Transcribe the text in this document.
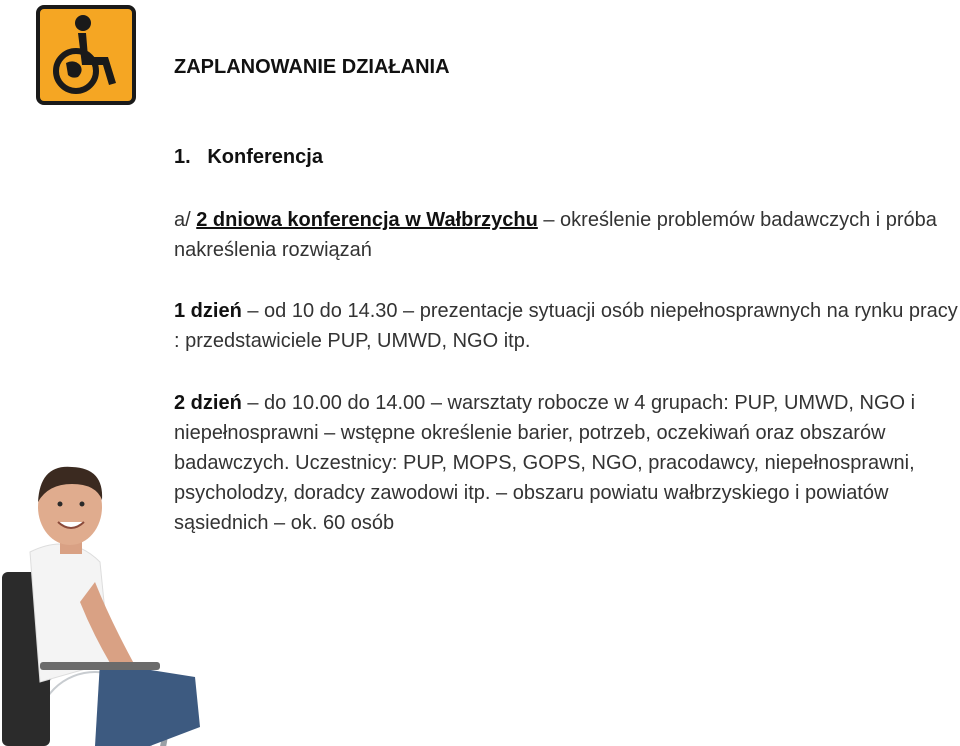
ZAPLANOWANIE DZIAŁANIA
1. Konferencja
a/ 2 dniowa konferencja w Wałbrzychu – określenie problemów badawczych i próba nakreślenia rozwiązań
1 dzień – od 10 do 14.30 – prezentacje sytuacji osób niepełnosprawnych na rynku pracy : przedstawiciele PUP, UMWD, NGO itp.
2 dzień – do 10.00 do 14.00 – warsztaty robocze w 4 grupach: PUP, UMWD, NGO i niepełnosprawni – wstępne określenie barier, potrzeb, oczekiwań oraz obszarów badawczych. Uczestnicy: PUP, MOPS, GOPS, NGO, pracodawcy, niepełnosprawni, psycholodzy, doradcy zawodowi itp. – obszaru powiatu wałbrzyskiego i powiatów sąsiednich – ok. 60 osób
